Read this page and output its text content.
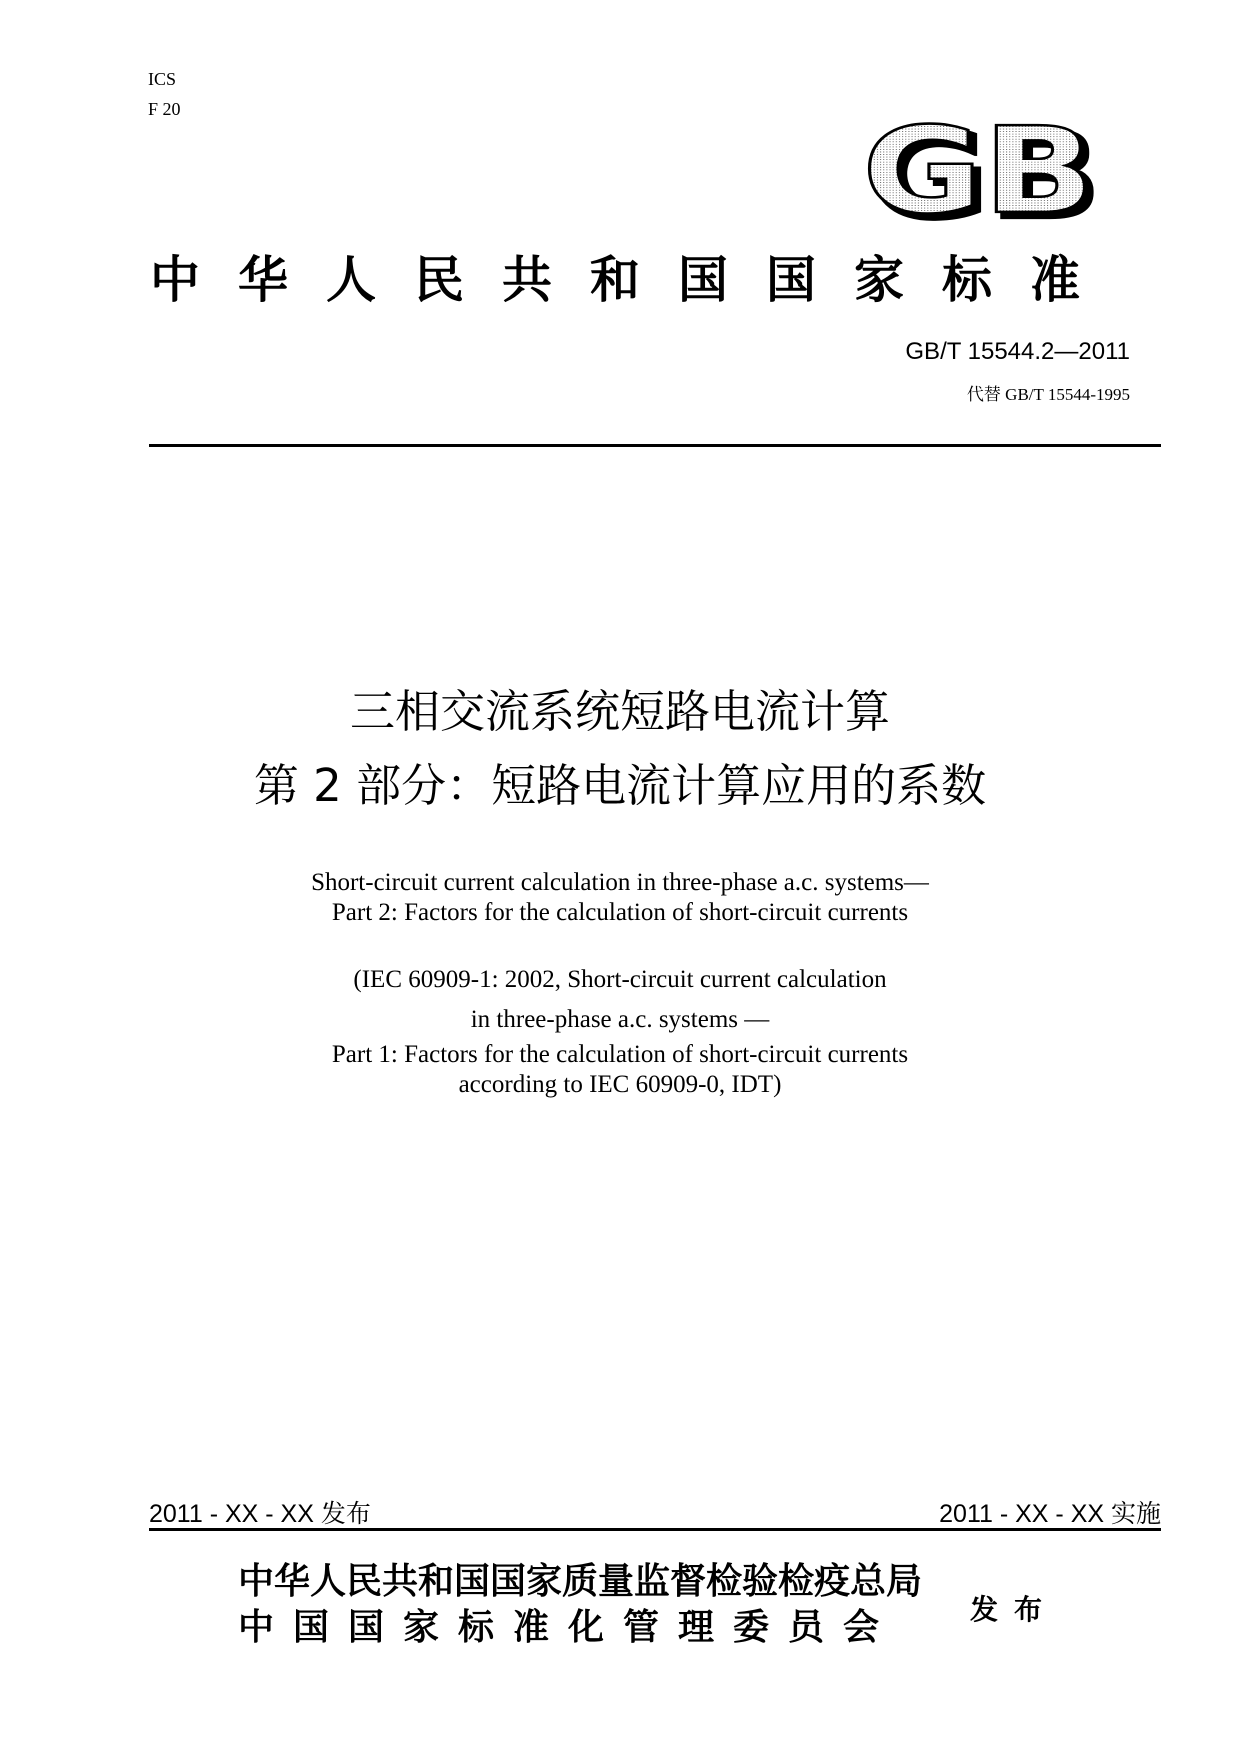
ICS
F 20	GB
中华人民共和国国家标准
GB/T 15544.2—2011
代替 GB/T 15544-1995
三相交流系统短路电流计算
第 2 部分：短路电流计算应用的系数
Short-circuit current calculation in three-phase a.c. systems—
Part 2: Factors for the calculation of short-circuit currents
(IEC 60909-1: 2002, Short-circuit current calculation
in three-phase a.c. systems —
Part 1: Factors for the calculation of short-circuit currents
according to IEC 60909-0, IDT)
2011 - XX - XX 发布	2011 - XX - XX 实施
中华人民共和国国家质量监督检验检疫总局
中国国家标准化管理委员会	发布
